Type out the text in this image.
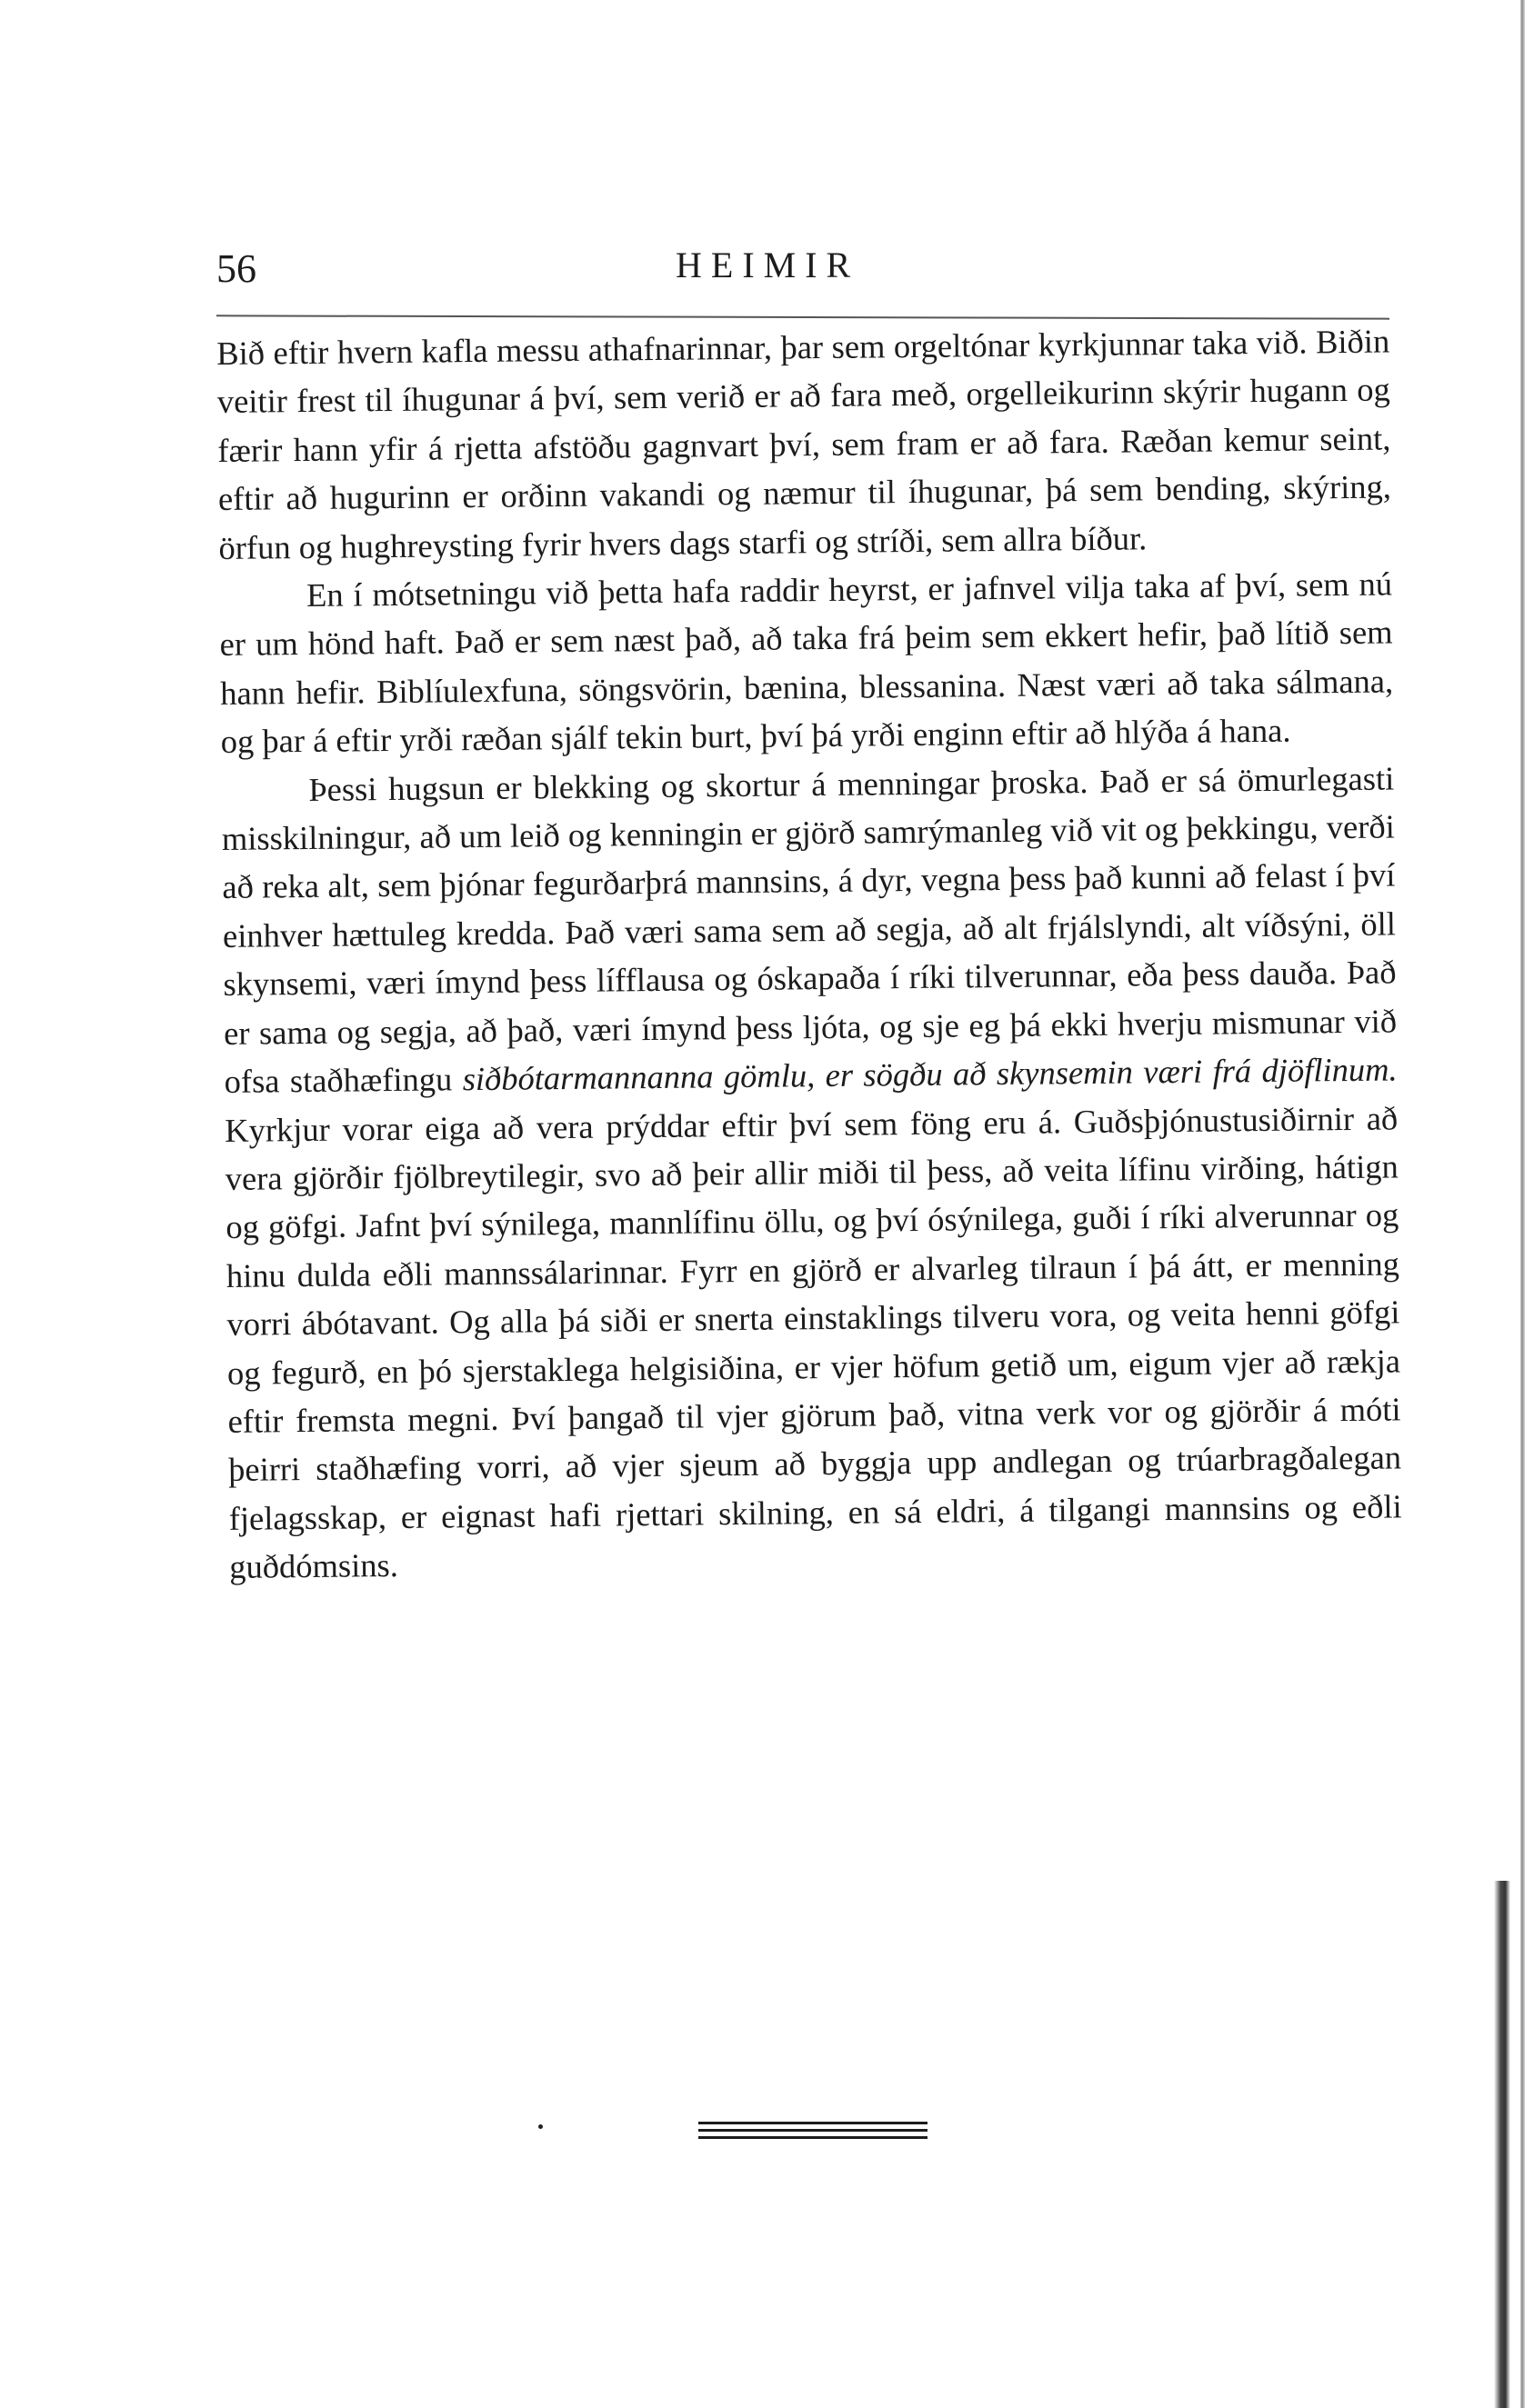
56	HEIMIR

Bið eftir hvern kafla messu athafnarinnar, þar sem orgeltónar kyrkjunnar taka við. Biðin veitir frest til íhugunar á því, sem verið er að fara með, orgelleikurinn skýrir hugann og færir hann yfir á rjetta afstöðu gagnvart því, sem fram er að fara. Ræðan kemur seint, eftir að hugurinn er orðinn vakandi og næmur til íhugunar, þá sem bending, skýring, örfun og hughreysting fyrir hvers dags starfi og stríði, sem allra bíður.

En í mótsetningu við þetta hafa raddir heyrst, er jafnvel vilja taka af því, sem nú er um hönd haft. Það er sem næst það, að taka frá þeim sem ekkert hefir, það lítið sem hann hefir. Biblíulexfuna, söngsvörin, bænina, blessanina. Næst væri að taka sálmana, og þar á eftir yrði ræðan sjálf tekin burt, því þá yrði enginn eftir að hlýða á hana.

Þessi hugsun er blekking og skortur á menningar þroska. Það er sá ömurlegasti misskilningur, að um leið og kenningin er gjörð samrýmanleg við vit og þekkingu, verði að reka alt, sem þjónar fegurðarþrá mannsins, á dyr, vegna þess það kunni að felast í því einhver hættuleg kredda. Það væri sama sem að segja, að alt frjálslyndi, alt víðsýni, öll skynsemi, væri ímynd þess lífflausa og óskapaða í ríki tilverunnar, eða þess dauða. Það er sama og segja, að það, væri ímynd þess ljóta, og sje eg þá ekki hverju mismunar við ofsa staðhæfingu siðbótarmannanna gömlu, er sögðu að skynsemin væri frá djöflinum. Kyrkjur vorar eiga að vera prýddar eftir því sem föng eru á. Guðsþjónustusiðirnir að vera gjörðir fjölbreytilegir, svo að þeir allir miði til þess, að veita lífinu virðing, hátign og göfgi. Jafnt því sýnilega, mannlífinu öllu, og því ósýnilega, guði í ríki alverunnar og hinu dulda eðli mannssálarinnar. Fyrr en gjörð er alvarleg tilraun í þá átt, er menning vorri ábótavant. Og alla þá siði er snerta einstaklings tilveru vora, og veita henni göfgi og fegurð, en þó sjerstaklega helgisiðina, er vjer höfum getið um, eigum vjer að rækja eftir fremsta megni. Því þangað til vjer gjörum það, vitna verk vor og gjörðir á móti þeirri staðhæfing vorri, að vjer sjeum að byggja upp andlegan og trúarbragðalegan fjelagsskap, er eignast hafi rjettari skilning, en sá eldri, á tilgangi mannsins og eðli guðdómsins.
